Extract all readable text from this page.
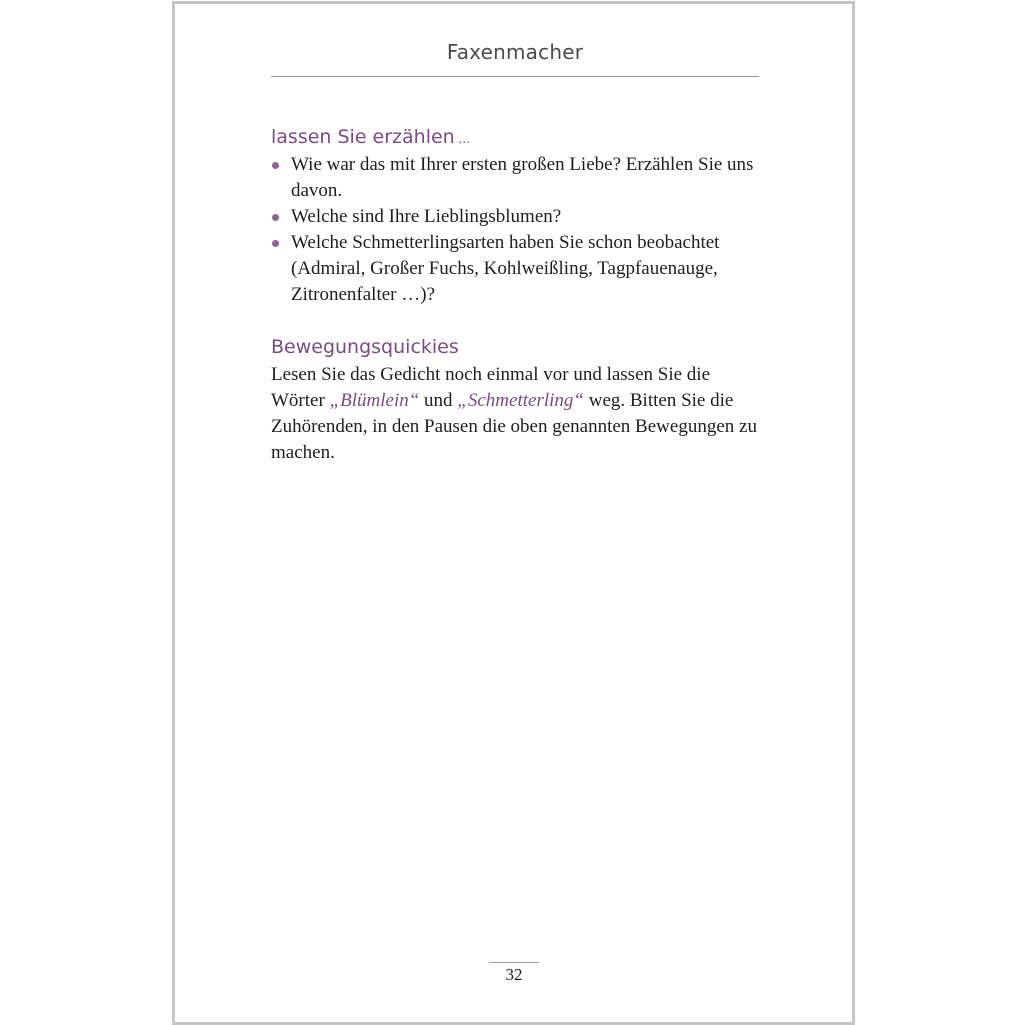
Faxenmacher
lassen Sie erzählen ...
Wie war das mit Ihrer ersten großen Liebe? Erzählen Sie uns davon.
Welche sind Ihre Lieblingsblumen?
Welche Schmetterlingsarten haben Sie schon beobachtet (Admiral, Großer Fuchs, Kohlweißling, Tagpfauenauge, Zitronenfalter …)?
Bewegungsquickies

Lesen Sie das Gedicht noch einmal vor und lassen Sie die Wörter „Blümlein“ und „Schmetterling“ weg. Bitten Sie die Zuhörenden, in den Pausen die oben genannten Bewegungen zu machen.

32
